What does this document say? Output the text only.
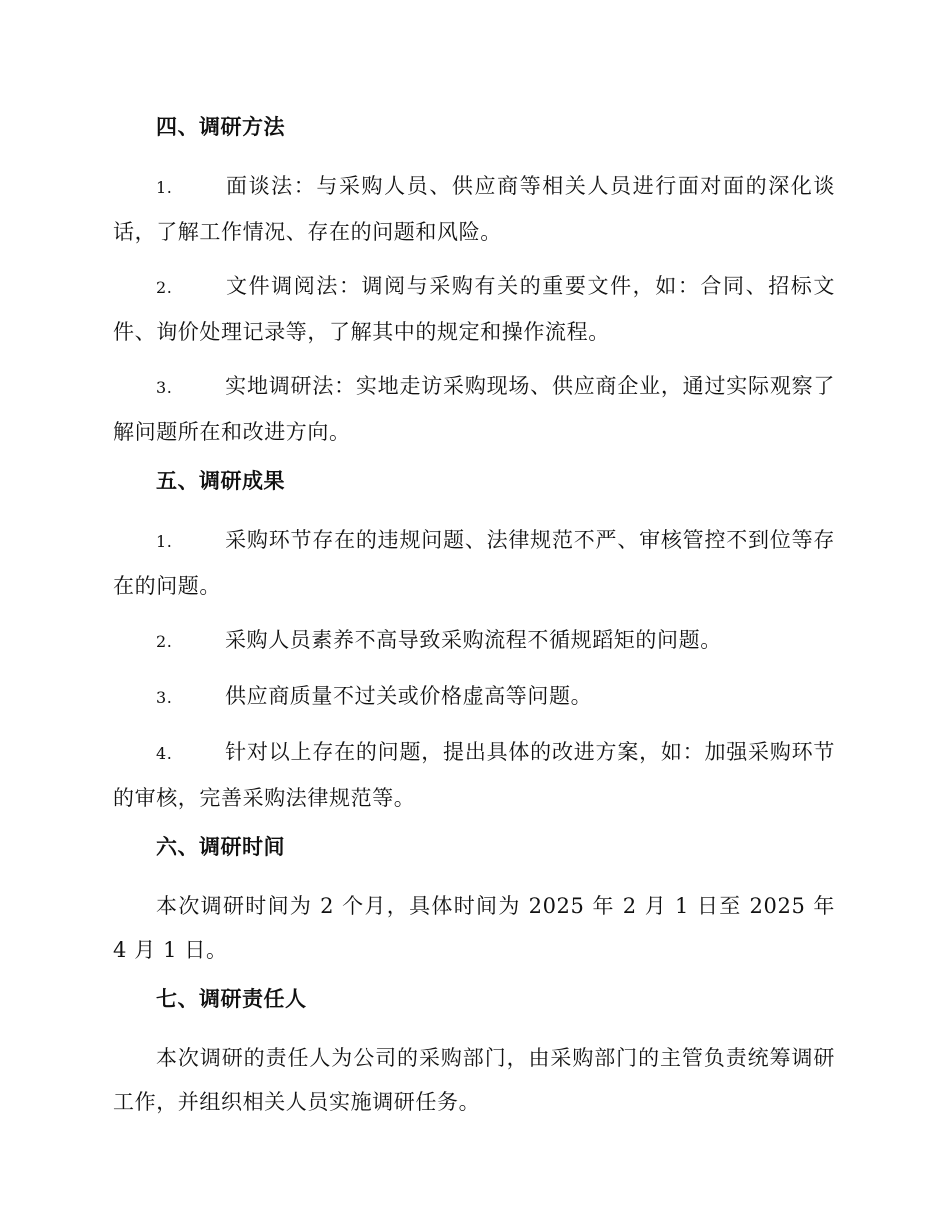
四、调研方法
1.	面谈法：与采购人员、供应商等相关人员进行面对面的深化谈话，了解工作情况、存在的问题和风险。
2.	文件调阅法：调阅与采购有关的重要文件，如：合同、招标文件、询价处理记录等，了解其中的规定和操作流程。
3.	实地调研法：实地走访采购现场、供应商企业，通过实际观察了解问题所在和改进方向。
五、调研成果
1.	采购环节存在的违规问题、法律规范不严、审核管控不到位等存在的问题。
2.	采购人员素养不高导致采购流程不循规蹈矩的问题。
3.	供应商质量不过关或价格虚高等问题。
4.	针对以上存在的问题，提出具体的改进方案，如：加强采购环节的审核，完善采购法律规范等。
六、调研时间
本次调研时间为 2 个月，具体时间为 2025 年 2 月 1 日至 2025 年 4 月 1 日。
七、调研责任人
本次调研的责任人为公司的采购部门，由采购部门的主管负责统筹调研工作，并组织相关人员实施调研任务。
